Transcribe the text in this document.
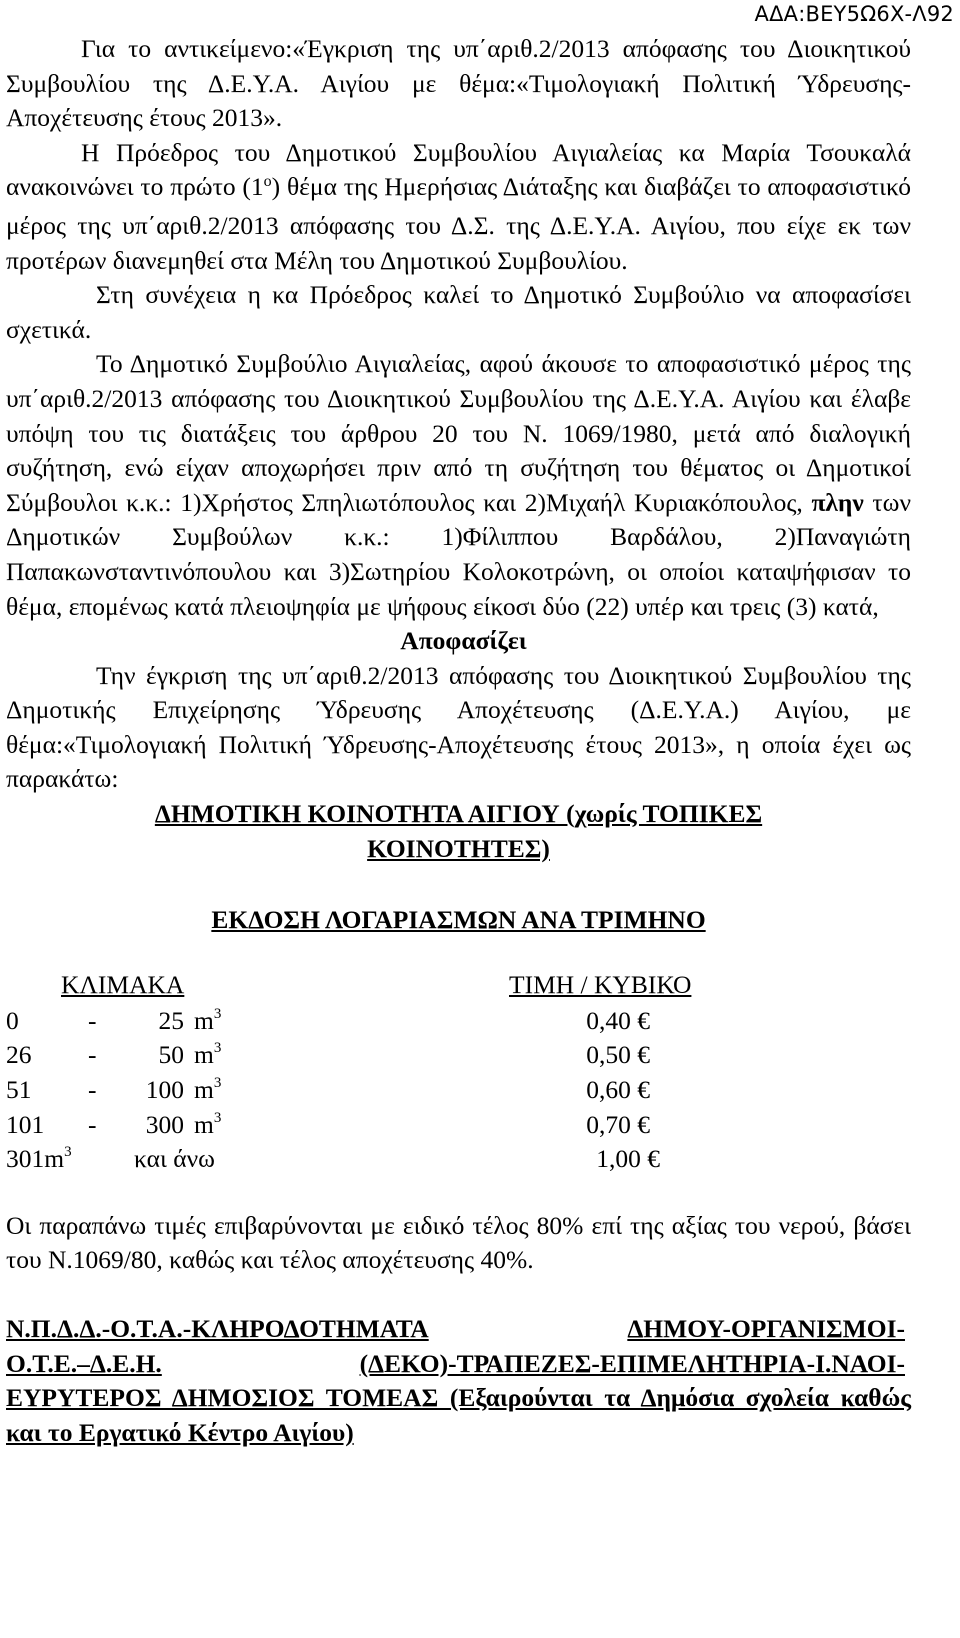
ΑΔΑ:ΒΕΥ5Ω6Χ-Λ92

Για το αντικείμενο:«Έγκριση της υπ΄αριθ.2/2013 απόφασης του Διοικητικού Συμβουλίου της Δ.Ε.Υ.Α. Αιγίου με θέμα:«Τιμολογιακή Πολιτική Ύδρευσης-Αποχέτευσης έτους 2013».

Η Πρόεδρος του Δημοτικού Συμβουλίου Αιγιαλείας κα Μαρία Τσουκαλά ανακοινώνει το πρώτο $(1^o)$ θέμα της Ημερήσιας Διάταξης και διαβάζει το αποφασιστικό μέρος της υπ΄αριθ.2/2013 απόφασης του Δ.Σ. της Δ.Ε.Υ.Α. Αιγίου, που είχε εκ των προτέρων διανεμηθεί στα Μέλη του Δημοτικού Συμβουλίου.

Στη συνέχεια η κα Πρόεδρος καλεί το Δημοτικό Συμβούλιο να αποφασίσει σχετικά.

Το Δημοτικό Συμβούλιο Αιγιαλείας, αφού άκουσε το αποφασιστικό μέρος της υπ΄αριθ.2/2013 απόφασης του Διοικητικού Συμβουλίου της Δ.Ε.Υ.Α. Αιγίου και έλαβε υπόψη του τις διατάξεις του άρθρου 20 του Ν. 1069/1980, μετά από διαλογική συζήτηση, ενώ είχαν αποχωρήσει πριν από τη συζήτηση του θέματος οι Δημοτικοί Σύμβουλοι κ.κ.: 1)Χρήστος Σπηλιωτόπουλος και 2)Μιχαήλ Κυριακόπουλος, πλην των Δημοτικών Συμβούλων κ.κ.: 1)Φίλιππου Βαρδάλου, 2)Παναγιώτη Παπακωνσταντινόπουλου και 3)Σωτηρίου Κολοκοτρώνη, οι οποίοι καταψήφισαν το θέμα, επομένως κατά πλειοψηφία με ψήφους είκοσι δύο (22) υπέρ και τρεις (3) κατά,

Αποφασίζει

Την έγκριση της υπ΄αριθ.2/2013 απόφασης του Διοικητικού Συμβουλίου της Δημοτικής Επιχείρησης Ύδρευσης Αποχέτευσης (Δ.Ε.Υ.Α.) Αιγίου, με θέμα:«Τιμολογιακή Πολιτική Ύδρευσης-Αποχέτευσης έτους 2013», η οποία έχει ως παρακάτω:

ΔΗΜΟΤΙΚΗ ΚΟΙΝΟΤΗΤΑ ΑΙΓΙΟΥ (χωρίς ΤΟΠΙΚΕΣ

ΚΟΙΝΟΤΗΤΕΣ)

ΕΚΔΟΣΗ ΛΟΓΑΡΙΑΣΜΩΝ ΑΝΑ ΤΡΙΜΗΝΟ

ΚΛΙΜΑΚΑ	ΤΙΜΗ / ΚΥΒΙΚΟ
0	-	25 $m^3$	0,40 €
26 -	50 $m^3$	0,50 €
51 -	100 $m^3$	0,60 €
101 -	300 $m^3$	0,70 €
$301m^3$ και άνω	1,00 €

Οι παραπάνω τιμές επιβαρύνονται με ειδικό τέλος 80% επί της αξίας του νερού, βάσει του Ν.1069/80, καθώς και τέλος αποχέτευσης 40%.

Ν.Π.Δ.Δ.-Ο.Τ.Α.-ΚΛΗΡΟΔΟΤΗΜΑΤΑ	ΔΗΜΟΥ-ΟΡΓΑΝΙΣΜΟΙ-
Ο.Τ.Ε.–Δ.Ε.Η.	(ΔΕΚΟ)-ΤΡΑΠΕΖΕΣ-ΕΠΙΜΕΛΗΤΗΡΙΑ-Ι.ΝΑΟΙ-

ΕΥΡΥΤΕΡΟΣ ΔΗΜΟΣΙΟΣ ΤΟΜΕΑΣ (Εξαιρούνται τα Δημόσια σχολεία καθώς και το Εργατικό Κέντρο Αιγίου)
